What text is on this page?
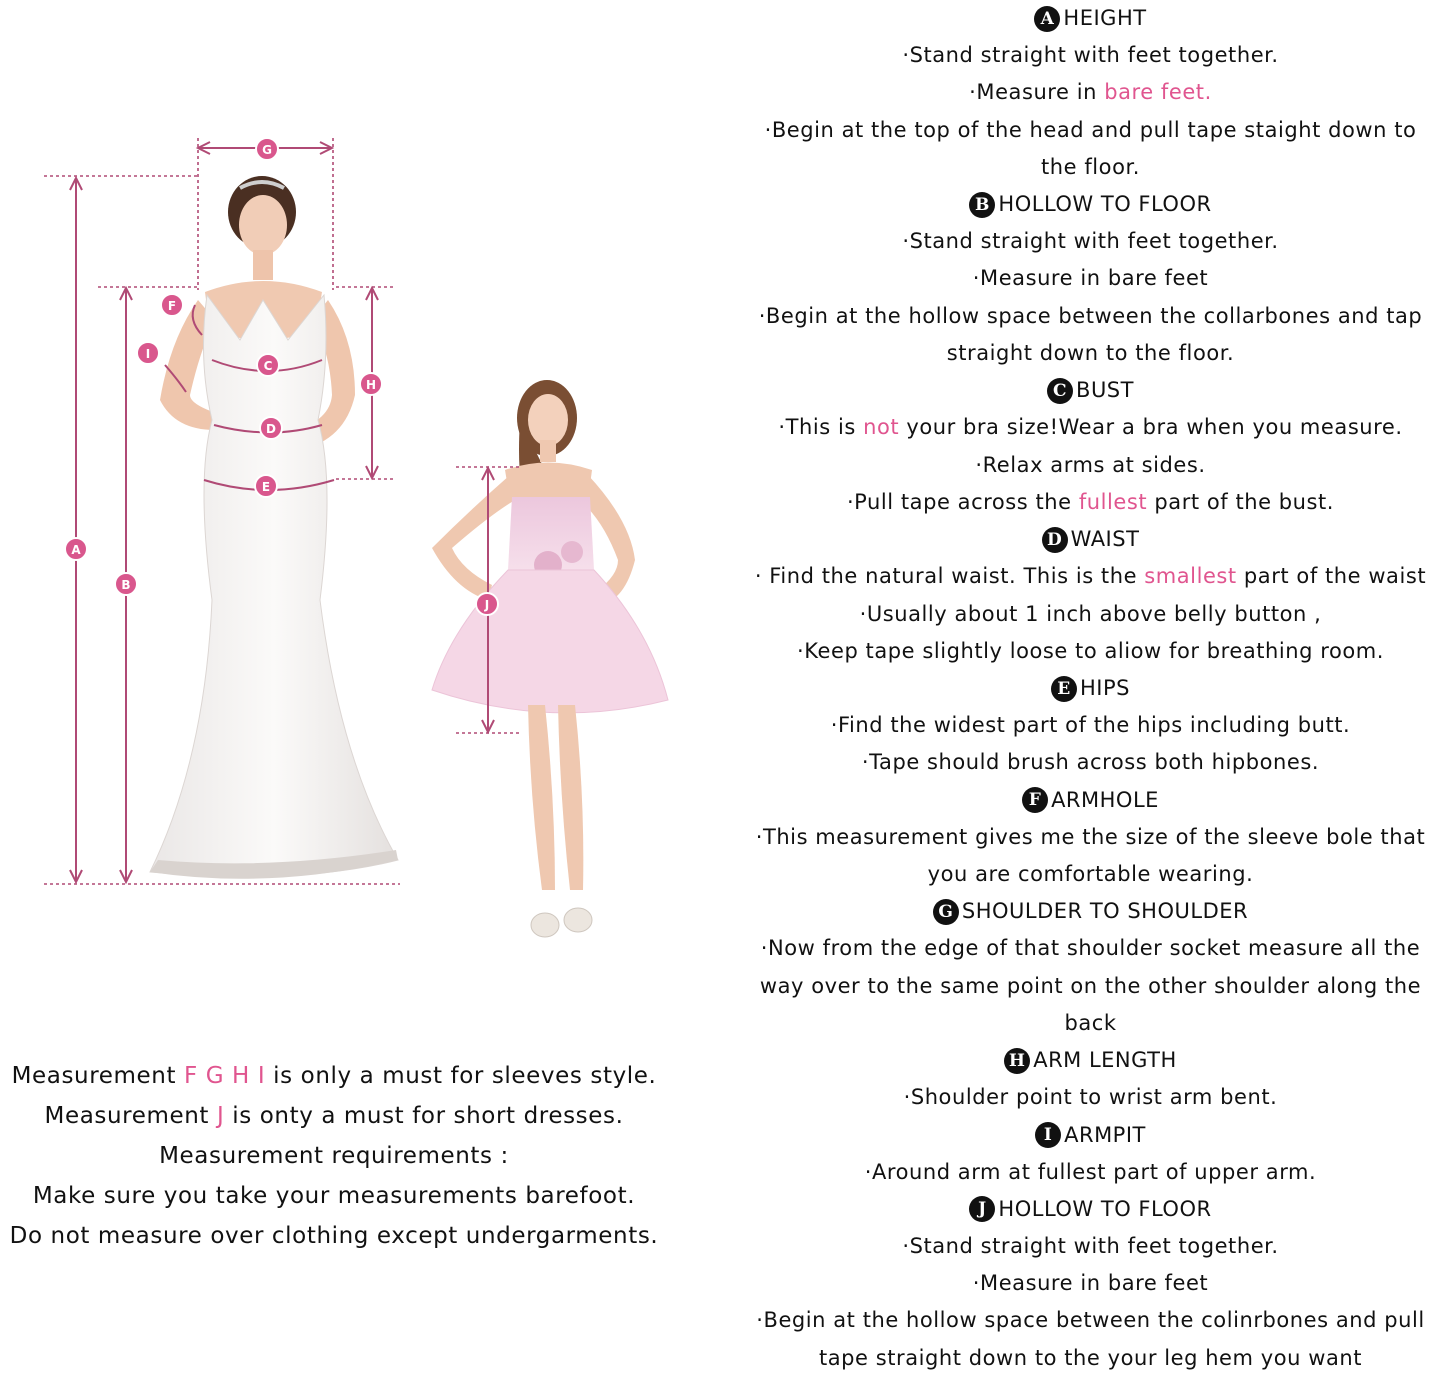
A
B
C
D
E
F
G
H
I
J
Measurement F G H I is only a must for sleeves style.
Measurement J is onty a must for short dresses.
Measurement requirements :
Make sure you take your measurements barefoot.
Do not measure over clothing except undergarments.
A HEIGHT
·Stand straight with feet together.
·Measure in bare feet.
·Begin at the top of the head and pull tape staight down to
the floor.
B HOLLOW TO FLOOR
·Stand straight with feet together.
·Measure in bare feet
·Begin at the hollow space between the collarbones and tap
straight down to the floor.
C BUST
·This is not your bra size!Wear a bra when you measure.
·Relax arms at sides.
·Pull tape across the fullest part of the bust.
D WAIST
· Find the natural waist. This is the smallest part of the waist
·Usually about 1 inch above belly button ,
·Keep tape slightly loose to aliow for breathing room.
E HIPS
·Find the widest part of the hips including butt.
·Tape should brush across both hipbones.
F ARMHOLE
·This measurement gives me the size of the sleeve bole that
you are comfortable wearing.
G SHOULDER TO SHOULDER
·Now from the edge of that shoulder socket measure all the
way over to the same point on the other shoulder along the
back
H ARM LENGTH
·Shoulder point to wrist arm bent.
I ARMPIT
·Around arm at fullest part of upper arm.
J HOLLOW TO FLOOR
·Stand straight with feet together.
·Measure in bare feet
·Begin at the hollow space between the colinrbones and pull
tape straight down to the your leg hem you want
